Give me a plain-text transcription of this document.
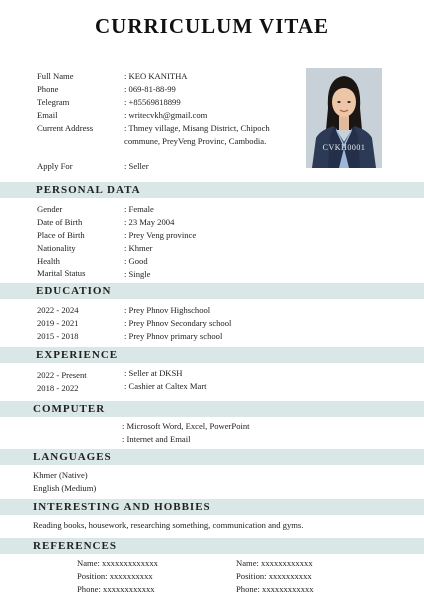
CURRICULUM VITAE
Full Name	: KEO KANITHA
Phone	: 069-81-88-99
Telegram	: +85569818899
Email	: writecvkh@gmail.com
Current Address	: Thmey village, Misang District, Chipoch
commune, PreyVeng Provinc, Cambodia.
Apply For	: Seller
CVKH0001
PERSONAL DATA
Gender	: Female
Date of Birth	: 23 May 2004
Place of Birth	: Prey Veng province
Nationality	: Khmer
Health	: Good
Marital Status	: Single
EDUCATION
2022 - 2024	: Prey Phnov Highschool
2019 - 2021	: Prey Phnov Secondary school
2015 - 2018	: Prey Phnov primary school
EXPERIENCE
2022 - Present	: Seller at DKSH
2018 - 2022	: Cashier at Caltex Mart
COMPUTER
: Microsoft Word, Excel, PowerPoint
: Internet and Email
LANGUAGES
Khmer (Native)
English (Medium)
INTERESTING AND HOBBIES
Reading books, housework, researching something, communication and gyms.
REFERENCES
Name: xxxxxxxxxxxxx
Position: xxxxxxxxxx
Phone: xxxxxxxxxxxx
Name: xxxxxxxxxxxx
Position: xxxxxxxxxx
Phone: xxxxxxxxxxxx
